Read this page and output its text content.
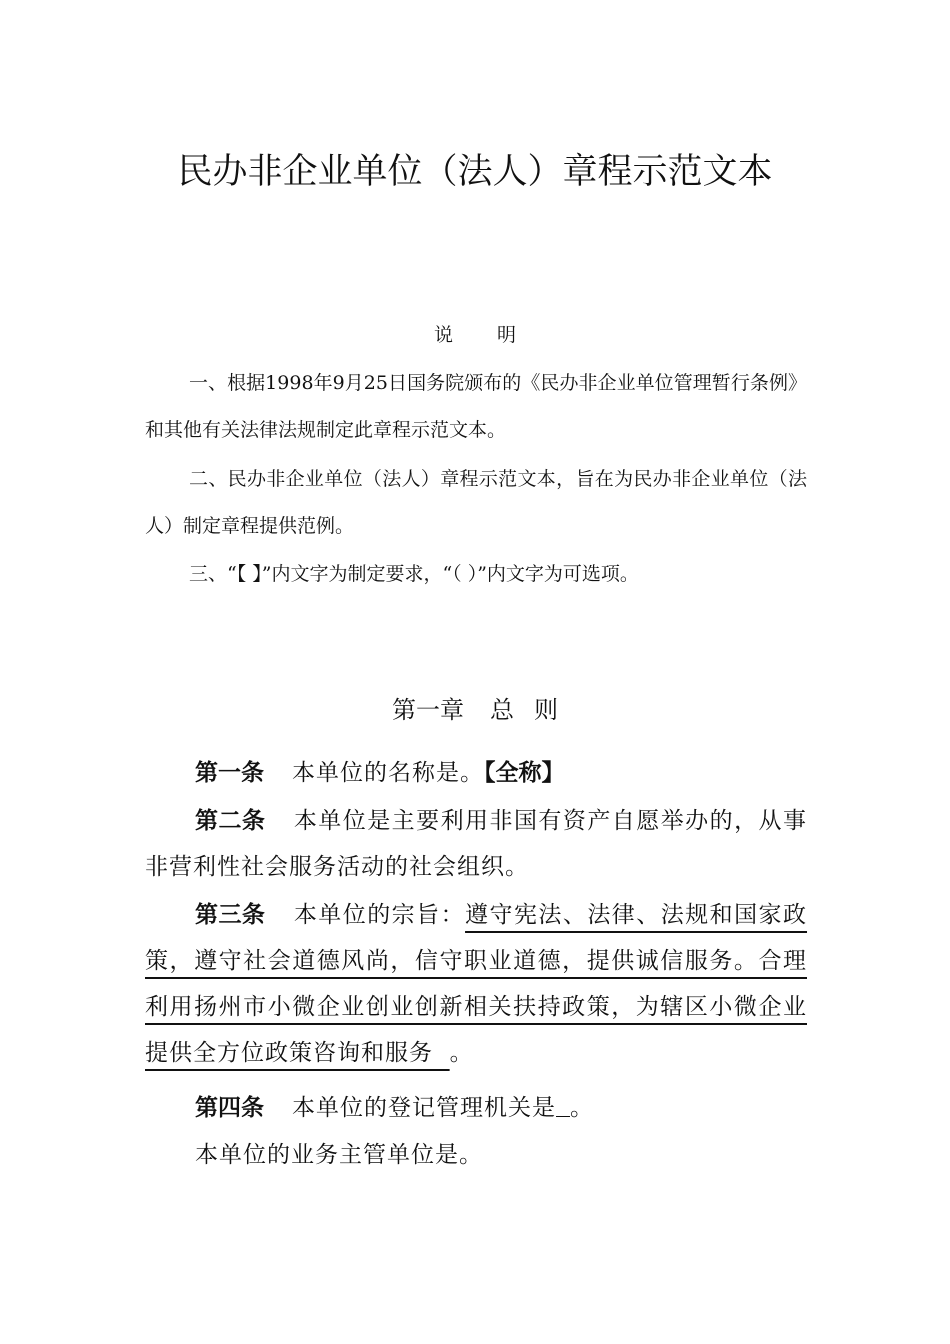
民办非企业单位（法人）章程示范文本
说 明
一、根据1998年9月25日国务院颁布的《民办非企业单位管理暂行条例》和其他有关法律法规制定此章程示范文本。
二、民办非企业单位（法人）章程示范文本，旨在为民办非企业单位（法人）制定章程提供范例。
三、“【 】”内文字为制定要求，“（ ）”内文字为可选项。
第一章 总 则
第一条 本单位的名称是。【全称】
第二条 本单位是主要利用非国有资产自愿举办的，从事非营利性社会服务活动的社会组织。
第三条 本单位的宗旨：遵守宪法、法律、法规和国家政策，遵守社会道德风尚，信守职业道德，提供诚信服务。合理利用扬州市小微企业创业创新相关扶持政策，为辖区小微企业提供全方位政策咨询和服务 。
第四条 本单位的登记管理机关是 。
本单位的业务主管单位是。
